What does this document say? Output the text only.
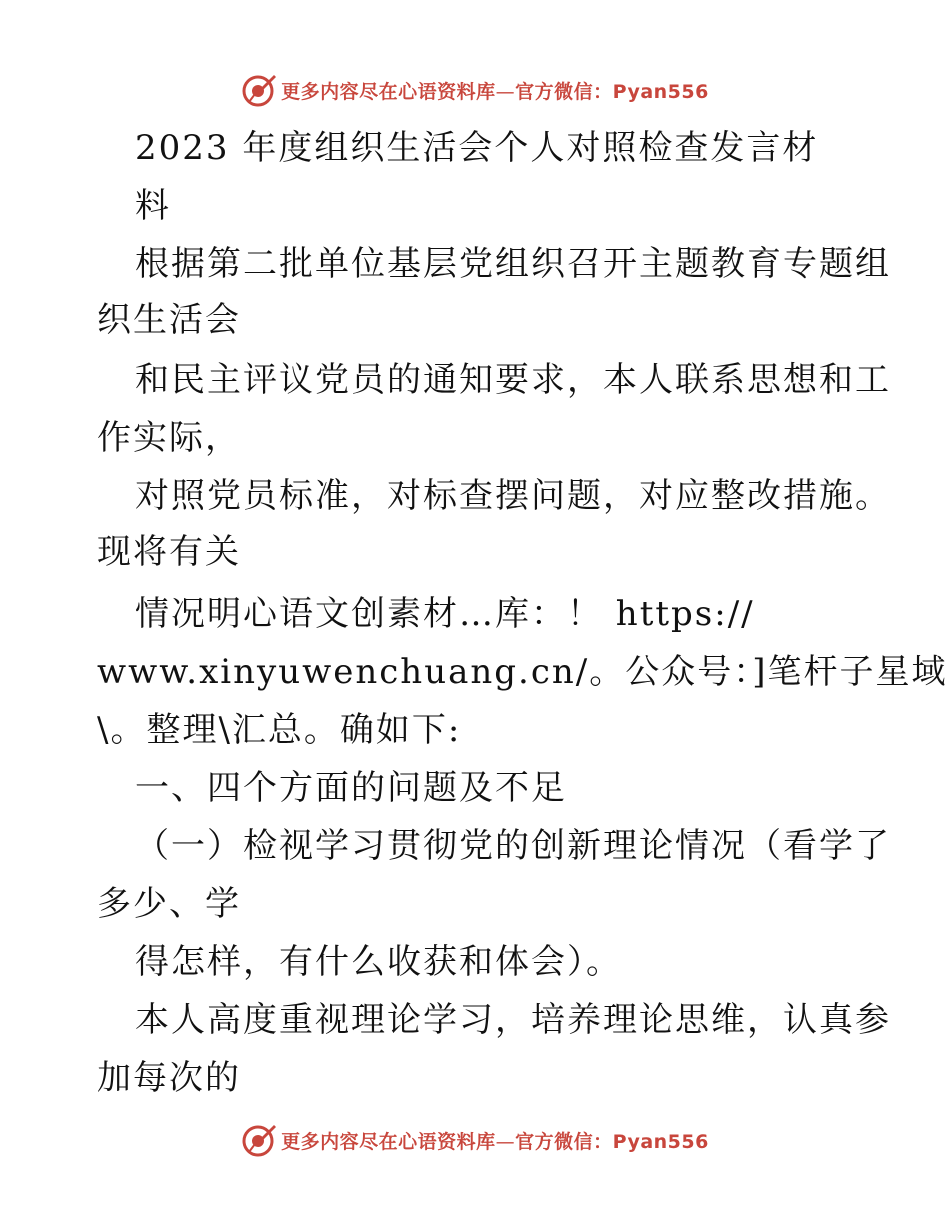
更多内容尽在心语资料库—官方微信：Pyan556
2023 年度组织生活会个人对照检查发言材
料
根据第二批单位基层党组织召开主题教育专题组
织生活会
和民主评议党员的通知要求，本人联系思想和工
作实际，
对照党员标准，对标查摆问题，对应整改措施。
现将有关
情况明心语文创素材…库：！ https://
www.xinyuwenchuang.cn/。公众号：]笔杆子星域
\。整理\汇总。确如下:
一、四个方面的问题及不足
（一）检视学习贯彻党的创新理论情况（看学了
多少、学
得怎样，有什么收获和体会）。
本人高度重视理论学习，培养理论思维，认真参
加每次的
更多内容尽在心语资料库—官方微信：Pyan556
